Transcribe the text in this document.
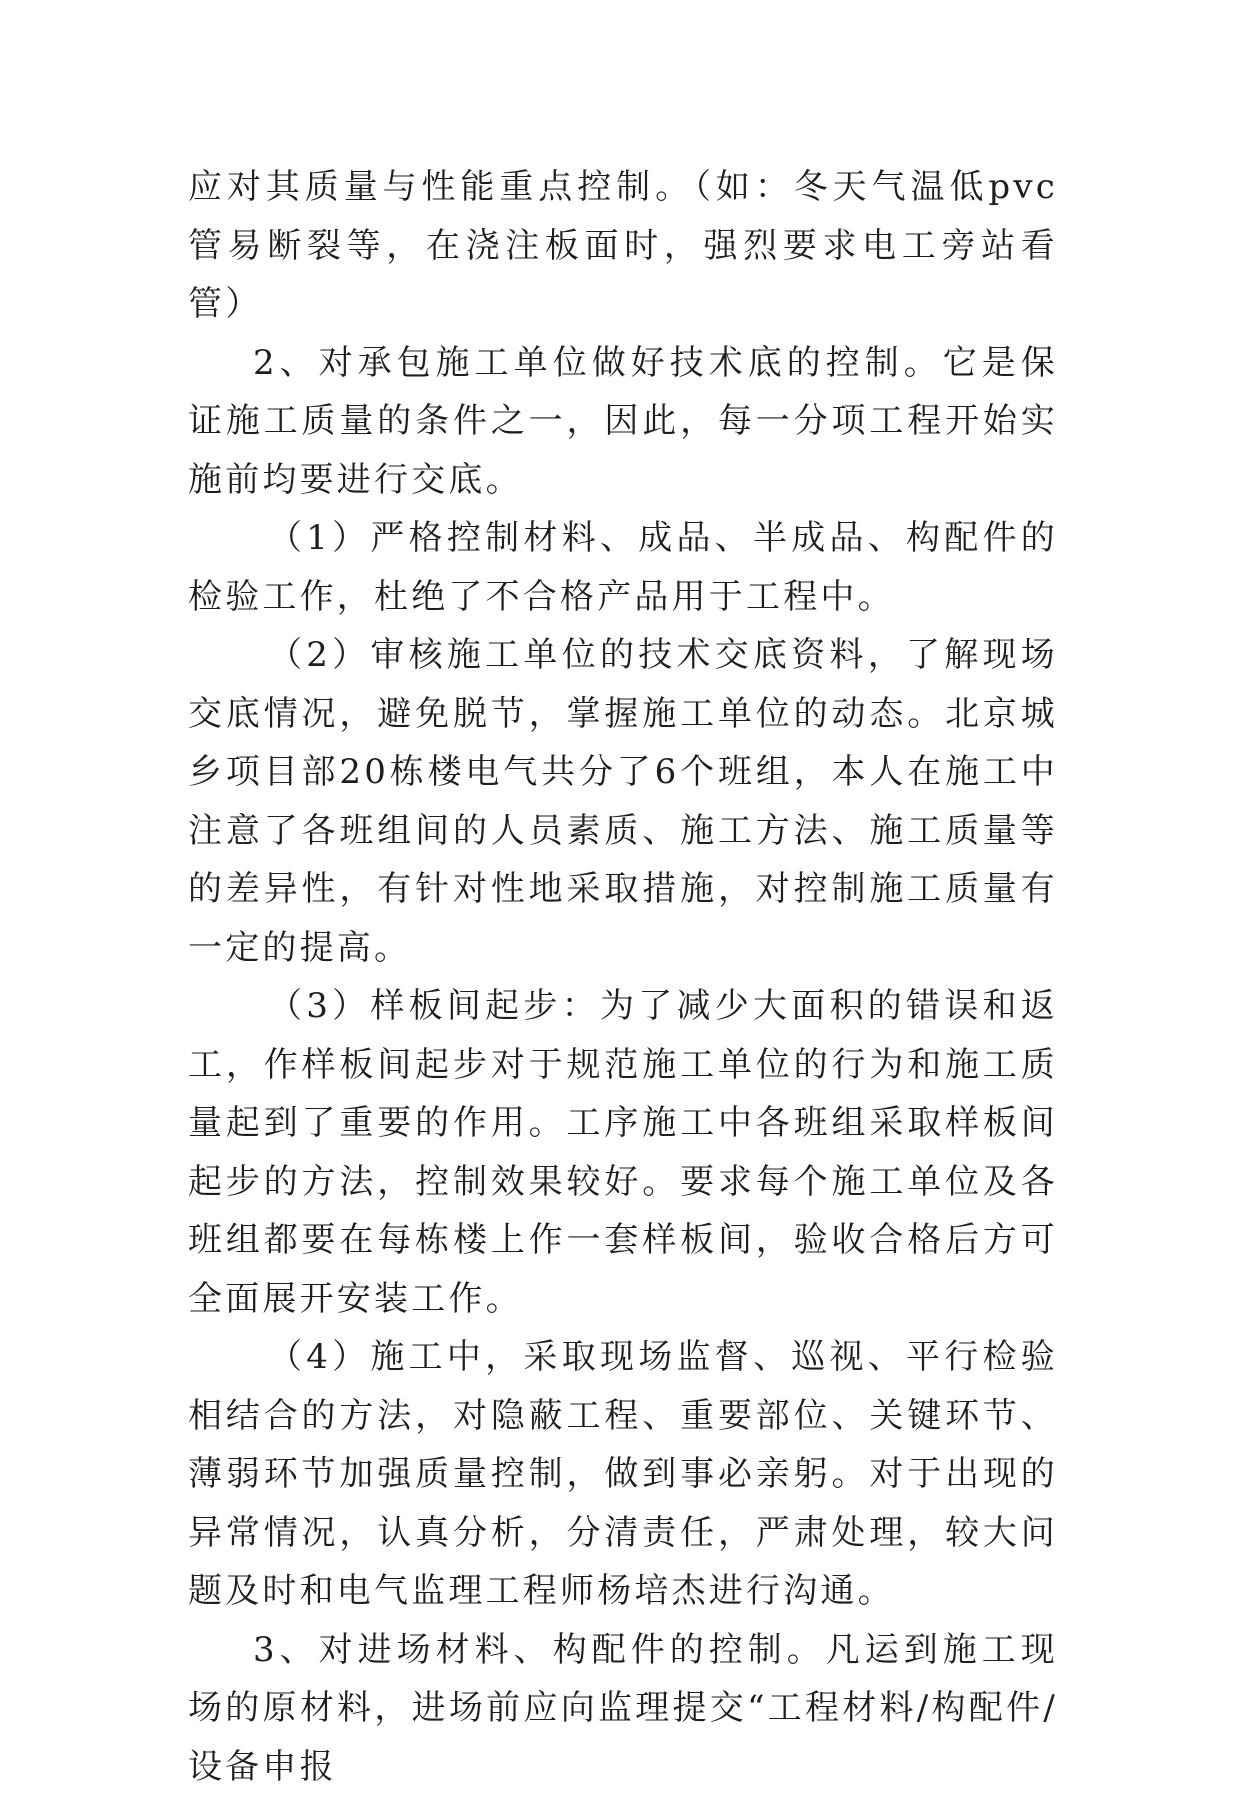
应对其质量与性能重点控制。（如：冬天气温低pvc管易断裂等，在浇注板面时，强烈要求电工旁站看管）

2、对承包施工单位做好技术底的控制。它是保证施工质量的条件之一，因此，每一分项工程开始实施前均要进行交底。

（1）严格控制材料、成品、半成品、构配件的检验工作，杜绝了不合格产品用于工程中。

（2）审核施工单位的技术交底资料，了解现场交底情况，避免脱节，掌握施工单位的动态。北京城乡项目部20栋楼电气共分了6个班组，本人在施工中注意了各班组间的人员素质、施工方法、施工质量等的差异性，有针对性地采取措施，对控制施工质量有一定的提高。

（3）样板间起步：为了减少大面积的错误和返工，作样板间起步对于规范施工单位的行为和施工质量起到了重要的作用。工序施工中各班组采取样板间起步的方法，控制效果较好。要求每个施工单位及各班组都要在每栋楼上作一套样板间，验收合格后方可全面展开安装工作。

（4）施工中，采取现场监督、巡视、平行检验相结合的方法，对隐蔽工程、重要部位、关键环节、薄弱环节加强质量控制，做到事必亲躬。对于出现的异常情况，认真分析，分清责任，严肃处理，较大问题及时和电气监理工程师杨培杰进行沟通。

3、对进场材料、构配件的控制。凡运到施工现场的原材料，进场前应向监理提交“工程材料/构配件/设备申报
